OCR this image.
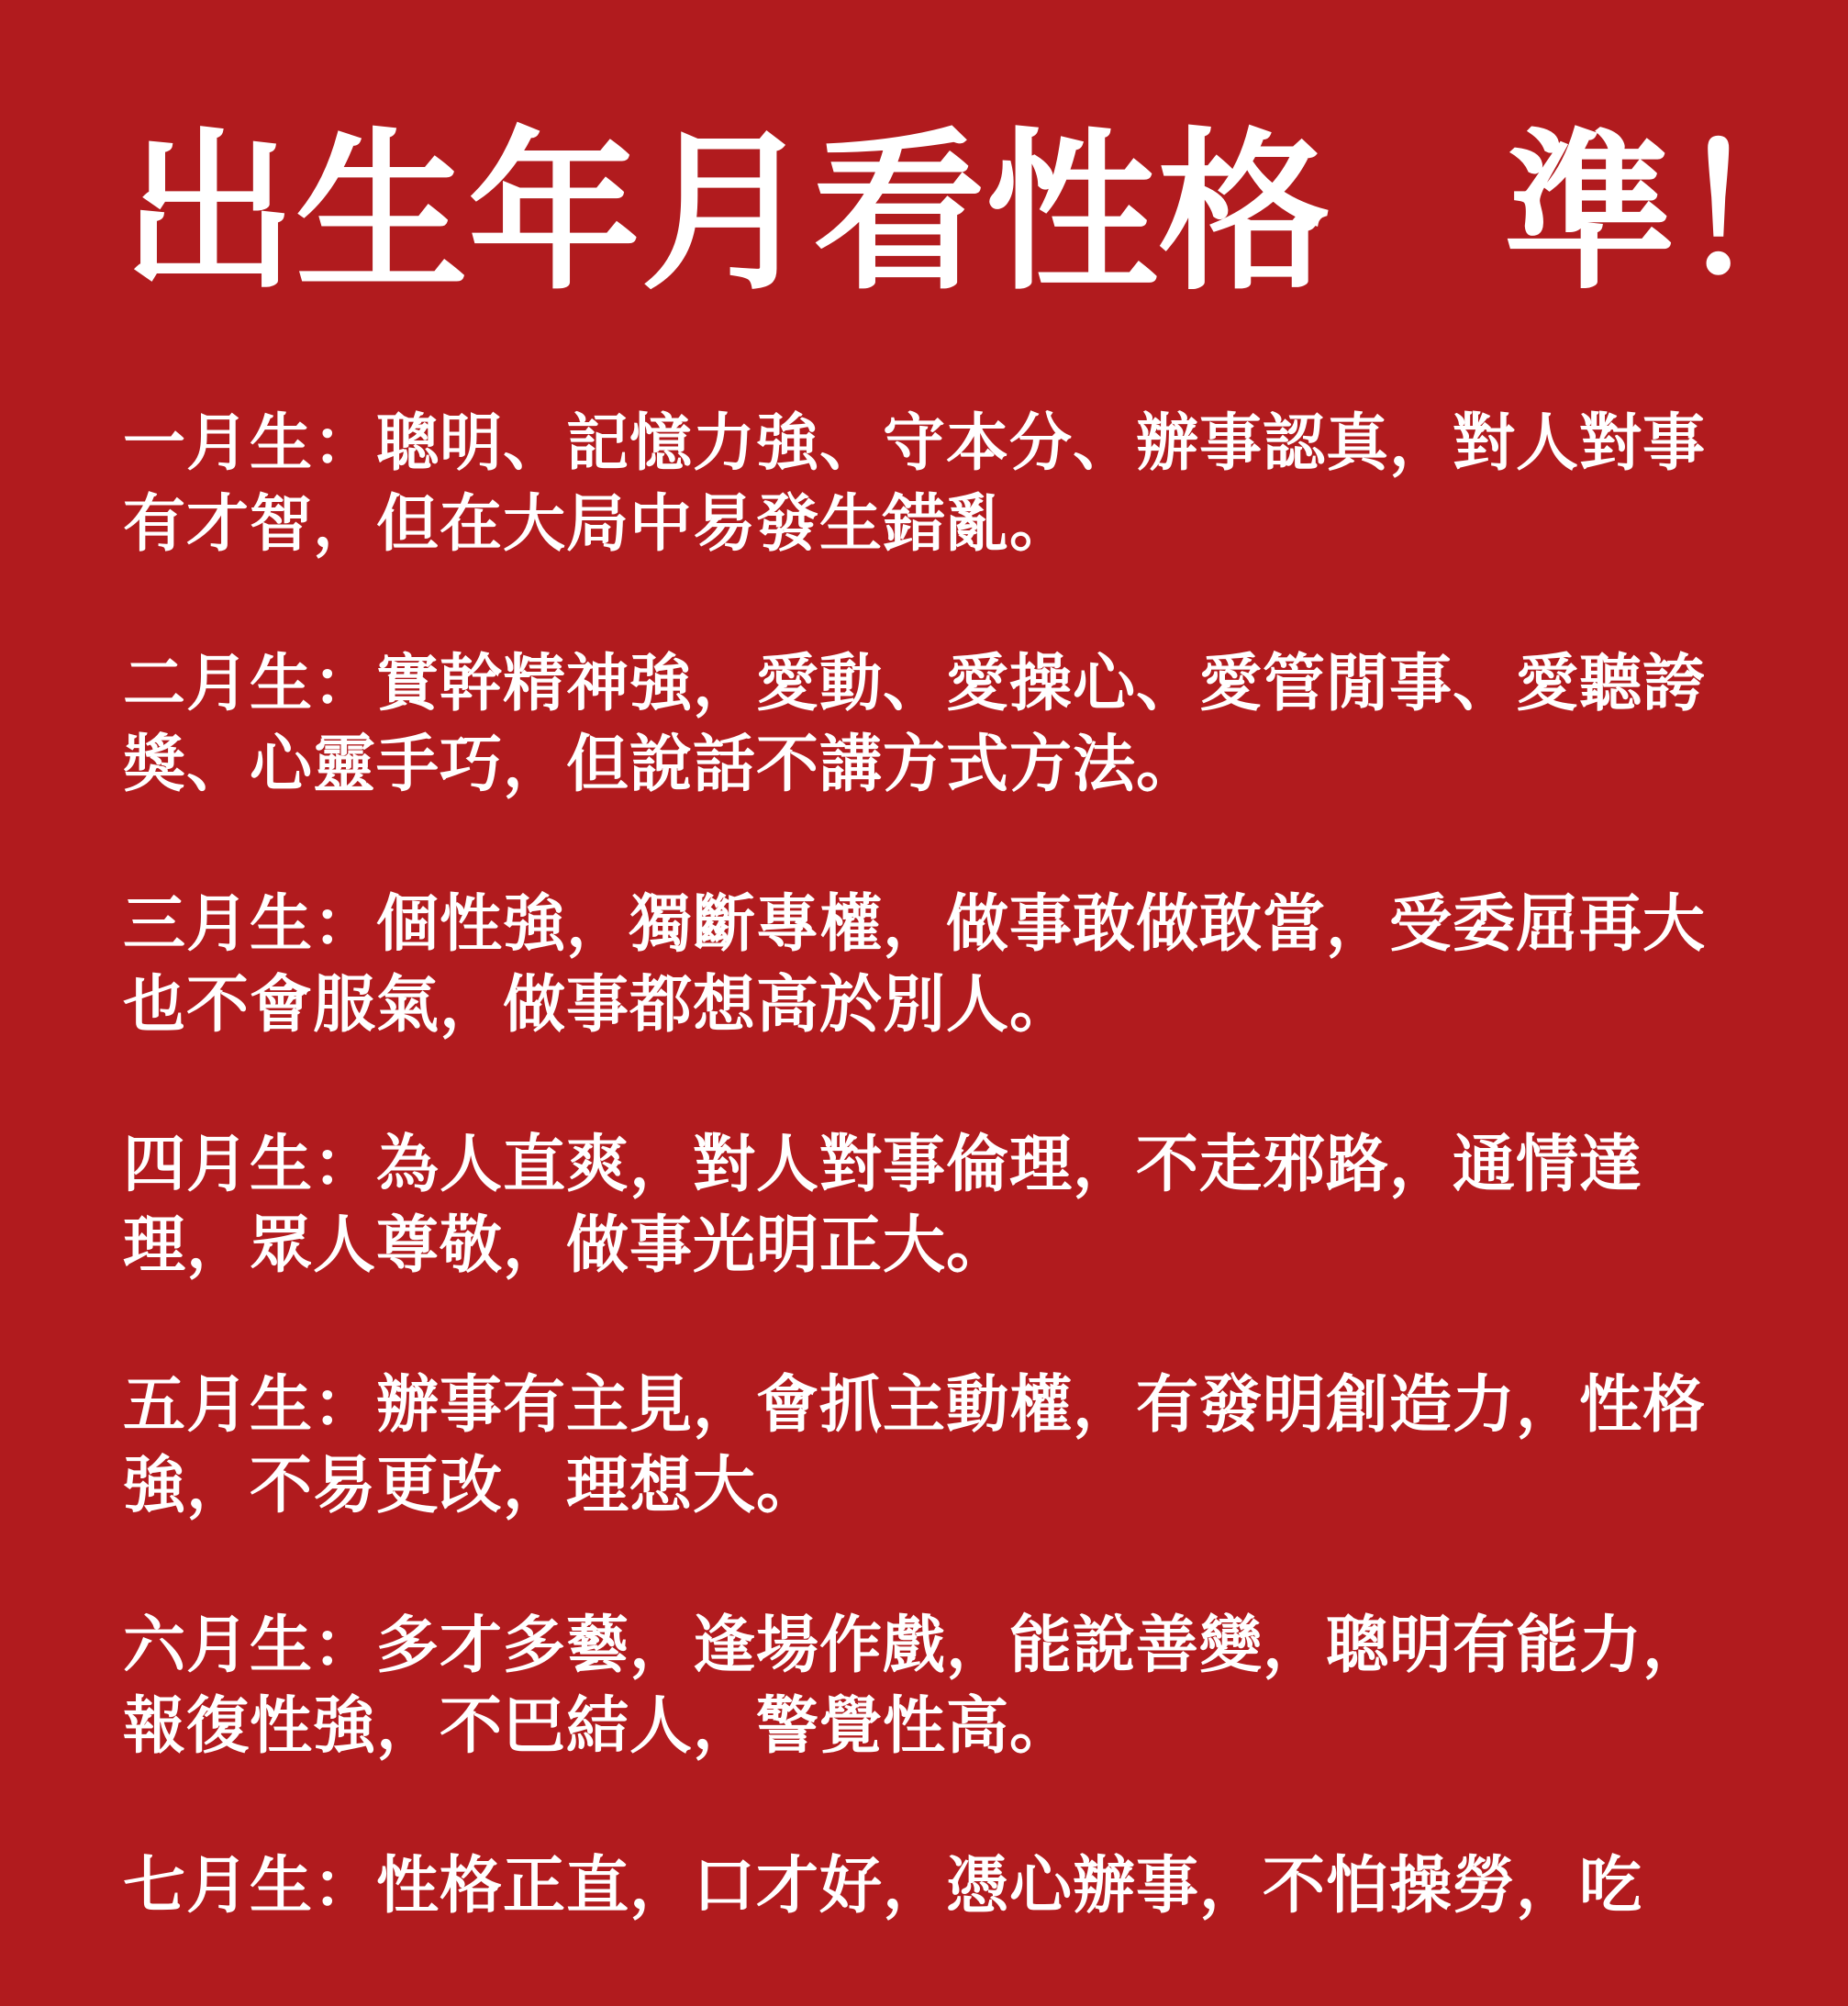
出生年月看性格　準！
一月生：聰明、記憶力強、守本分、辦事認真，對人對事有才智，但在大局中易發生錯亂。
二月生：實幹精神強，愛動、愛操心、愛管閒事、愛聽誇獎、心靈手巧，但說話不講方式方法。
三月生：個性強，獨斷專權，做事敢做敢當，受委屈再大也不會服氣，做事都想高於別人。
四月生：為人直爽，對人對事倫理，不走邪路，通情達理，眾人尊敬，做事光明正大。
五月生：辦事有主見，會抓主動權，有發明創造力，性格強，不易更改，理想大。
六月生：多才多藝，逢場作戲，能說善變，聰明有能力，報復性強，不巴結人，警覺性高。
七月生：性格正直，口才好，憑心辦事，不怕操勞，吃
